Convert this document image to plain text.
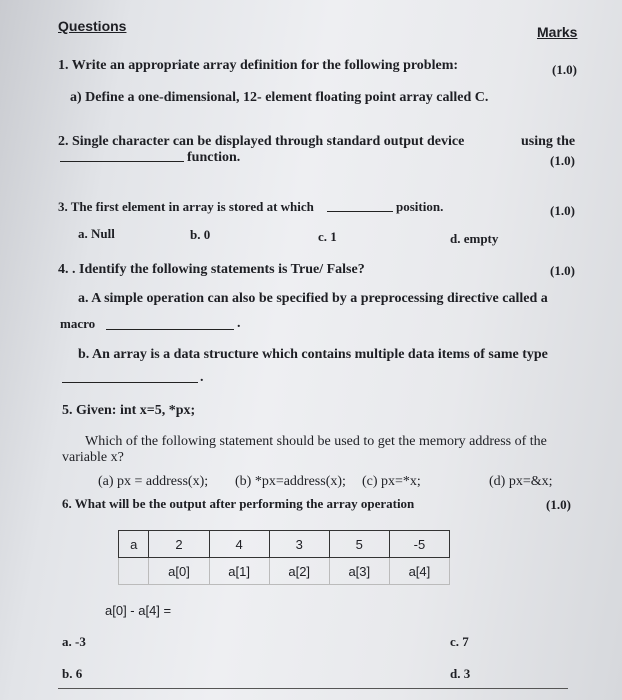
Questions	Marks
1. Write an appropriate array definition for the following problem:	(1.0)
a) Define a one-dimensional, 12- element floating point array called C.
2. Single character can be displayed through standard output device	using the
function.	(1.0)
3. The first element in array is stored at which	position.	(1.0)
a. Null	b. 0	c. 1	d. empty
4. . Identify the following statements is True/ False?	(1.0)
a. A simple operation can also be specified by a preprocessing directive called a
macro	.
b. An array is a data structure which contains multiple data items of same type
.
5. Given: int x=5, *px;
Which of the following statement should be used to get the memory address of the
variable x?
(a) px = address(x); (b) *px=address(x); (c) px=*x;	(d) px=&x;
6. What will be the output after performing the array operation	(1.0)
a	2	4	3	5	-5
	a[0]	a[1]	a[2]	a[3]	a[4]
a[0] - a[4] =
a. -3	c. 7
b. 6	d. 3
